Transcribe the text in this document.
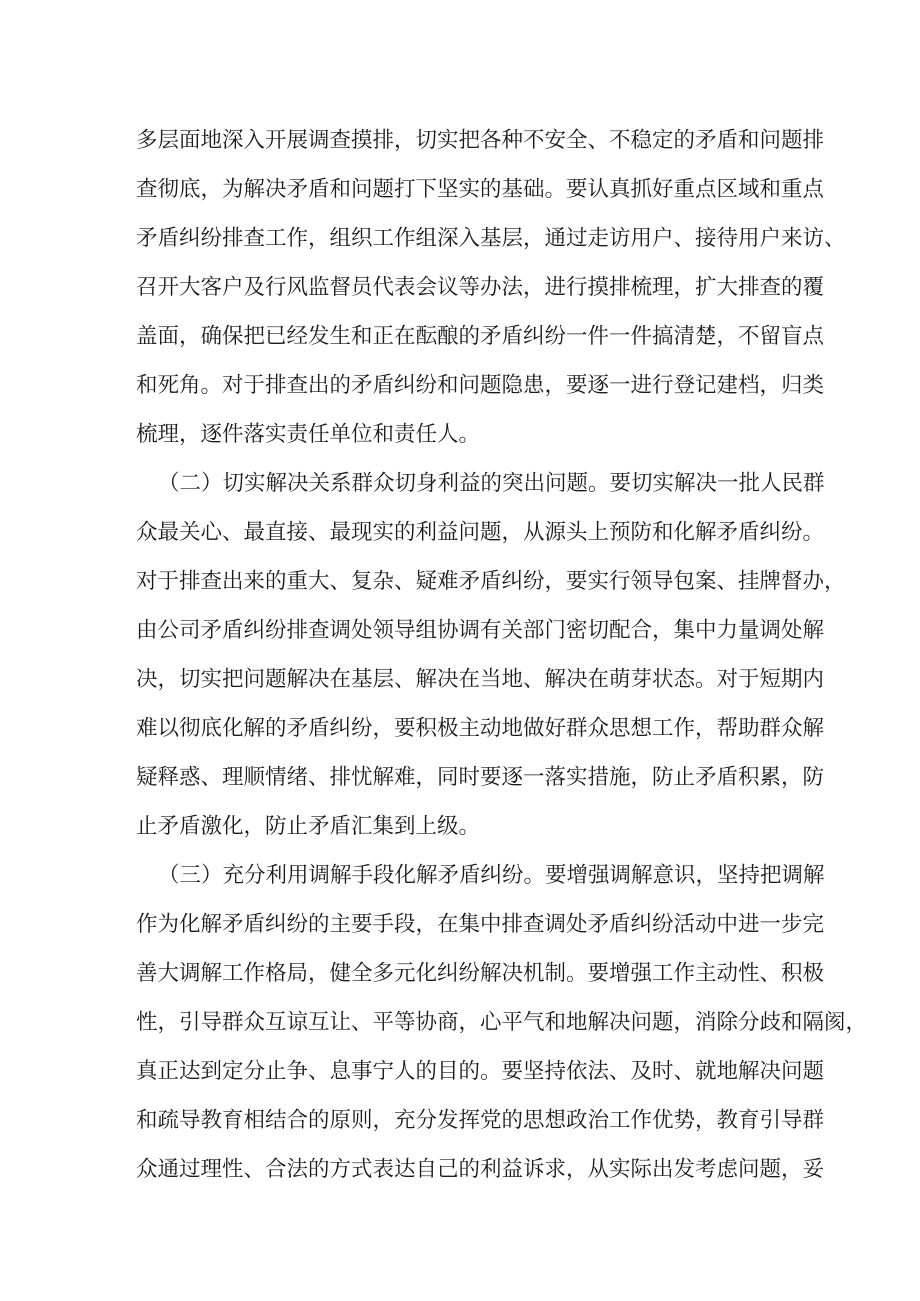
多层面地深入开展调查摸排，切实把各种不安全、不稳定的矛盾和问题排
查彻底，为解决矛盾和问题打下坚实的基础。要认真抓好重点区域和重点
矛盾纠纷排查工作，组织工作组深入基层，通过走访用户、接待用户来访、
召开大客户及行风监督员代表会议等办法，进行摸排梳理，扩大排查的覆
盖面，确保把已经发生和正在酝酿的矛盾纠纷一件一件搞清楚，不留盲点
和死角。对于排查出的矛盾纠纷和问题隐患，要逐一进行登记建档，归类
梳理，逐件落实责任单位和责任人。
（二）切实解决关系群众切身利益的突出问题。要切实解决一批人民群
众最关心、最直接、最现实的利益问题，从源头上预防和化解矛盾纠纷。
对于排查出来的重大、复杂、疑难矛盾纠纷，要实行领导包案、挂牌督办，
由公司矛盾纠纷排查调处领导组协调有关部门密切配合，集中力量调处解
决，切实把问题解决在基层、解决在当地、解决在萌芽状态。对于短期内
难以彻底化解的矛盾纠纷，要积极主动地做好群众思想工作，帮助群众解
疑释惑、理顺情绪、排忧解难，同时要逐一落实措施，防止矛盾积累，防
止矛盾激化，防止矛盾汇集到上级。
（三）充分利用调解手段化解矛盾纠纷。要增强调解意识，坚持把调解
作为化解矛盾纠纷的主要手段，在集中排查调处矛盾纠纷活动中进一步完
善大调解工作格局，健全多元化纠纷解决机制。要增强工作主动性、积极
性，引导群众互谅互让、平等协商，心平气和地解决问题，消除分歧和隔阂，
真正达到定分止争、息事宁人的目的。要坚持依法、及时、就地解决问题
和疏导教育相结合的原则，充分发挥党的思想政治工作优势，教育引导群
众通过理性、合法的方式表达自己的利益诉求，从实际出发考虑问题，妥
